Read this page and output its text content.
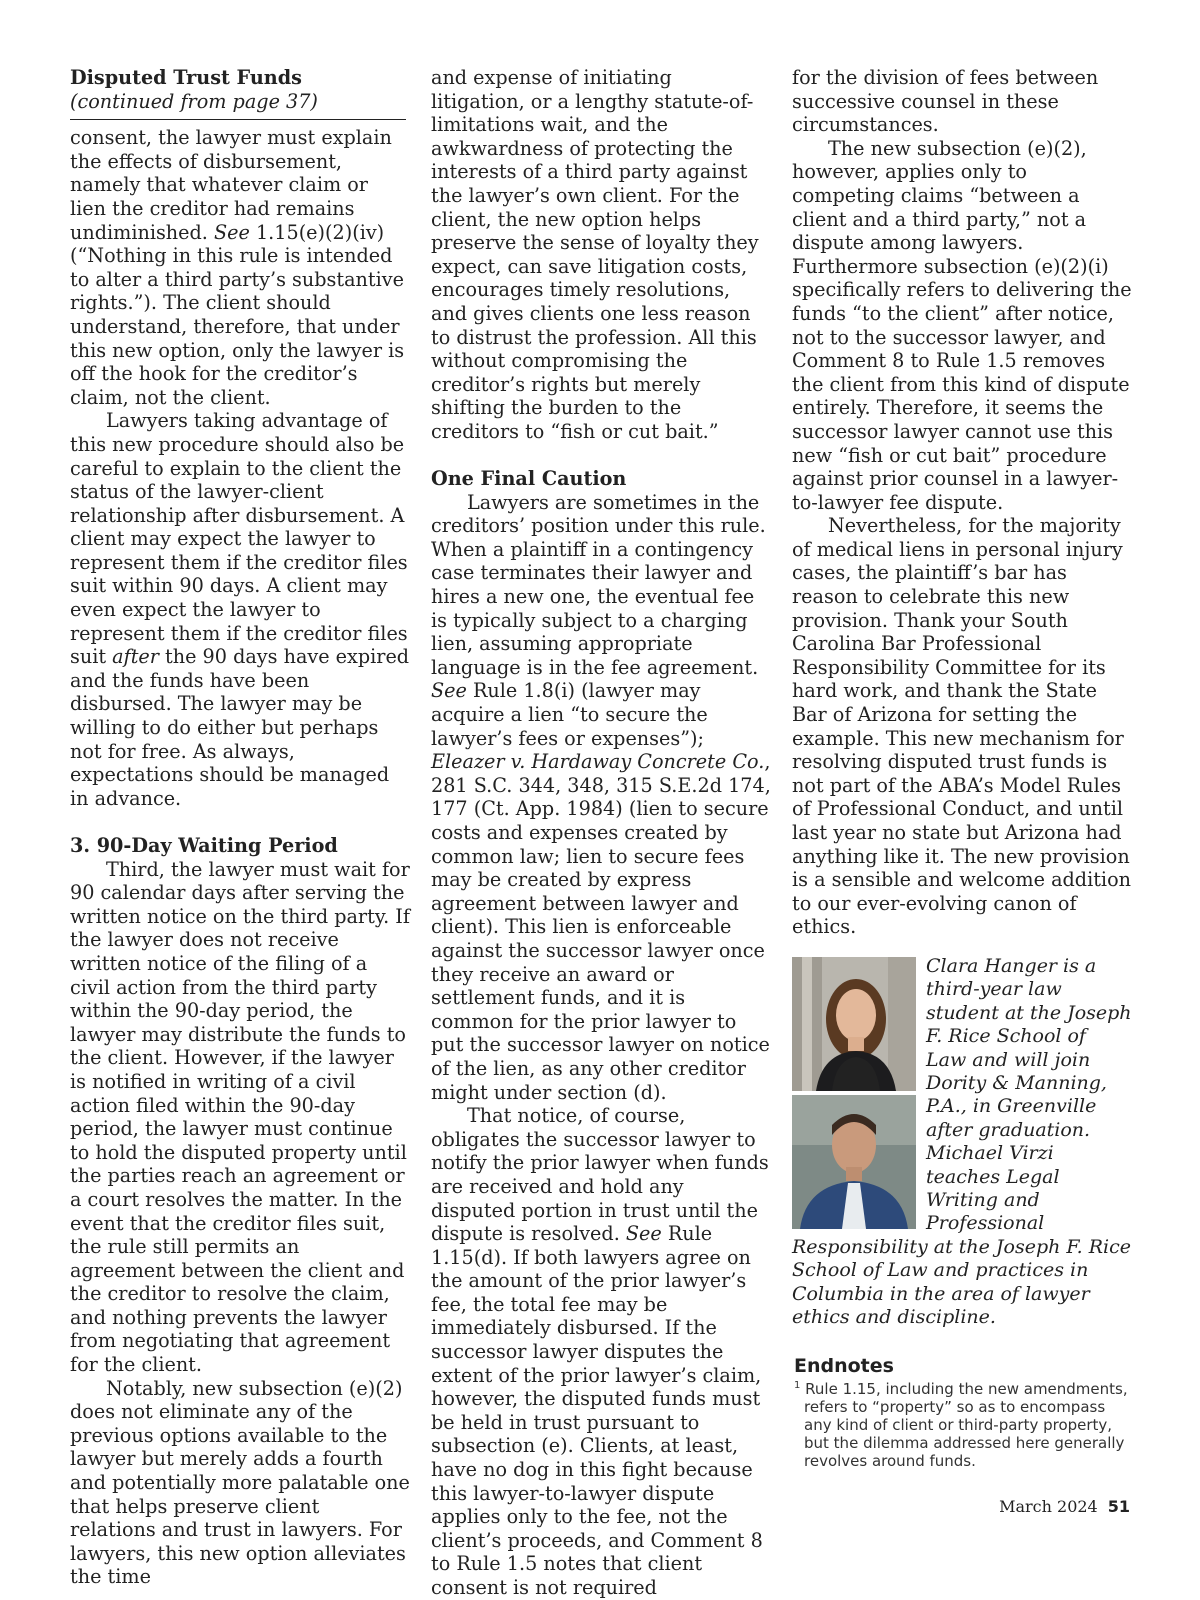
Disputed Trust Funds

(continued from page 37)

consent, the lawyer must explain the effects of disbursement, namely that whatever claim or lien the creditor had remains undiminished. See 1.15(e)(2)(iv) (“Nothing in this rule is intended to alter a third party’s substantive rights.”). The client should understand, therefore, that under this new option, only the lawyer is off the hook for the creditor’s claim, not the client.

Lawyers taking advantage of this new procedure should also be careful to explain to the client the status of the lawyer-client relationship after disbursement. A client may expect the lawyer to represent them if the creditor files suit within 90 days. A client may even expect the lawyer to represent them if the creditor files suit after the 90 days have expired and the funds have been disbursed. The lawyer may be willing to do either but perhaps not for free. As always, expectations should be managed in advance.

3. 90-Day Waiting Period

Third, the lawyer must wait for 90 calendar days after serving the written notice on the third party. If the lawyer does not receive written notice of the filing of a civil action from the third party within the 90-day period, the lawyer may distribute the funds to the client. However, if the lawyer is notified in writing of a civil action filed within the 90-day period, the lawyer must continue to hold the disputed property until the parties reach an agreement or a court resolves the matter. In the event that the creditor files suit, the rule still permits an agreement between the client and the creditor to resolve the claim, and nothing prevents the lawyer from negotiating that agreement for the client.

Notably, new subsection (e)(2) does not eliminate any of the previous options available to the lawyer but merely adds a fourth and potentially more palatable one that helps preserve client relations and trust in lawyers. For lawyers, this new option alleviates the time

and expense of initiating litigation, or a lengthy statute-of-limitations wait, and the awkwardness of protecting the interests of a third party against the lawyer’s own client. For the client, the new option helps preserve the sense of loyalty they expect, can save litigation costs, encourages timely resolutions, and gives clients one less reason to distrust the profession. All this without compromising the creditor’s rights but merely shifting the burden to the creditors to “fish or cut bait.”

One Final Caution

Lawyers are sometimes in the creditors’ position under this rule. When a plaintiff in a contingency case terminates their lawyer and hires a new one, the eventual fee is typically subject to a charging lien, assuming appropriate language is in the fee agreement. See Rule 1.8(i) (lawyer may acquire a lien “to secure the lawyer’s fees or expenses”); Eleazer v. Hardaway Concrete Co., 281 S.C. 344, 348, 315 S.E.2d 174, 177 (Ct. App. 1984) (lien to secure costs and expenses created by common law; lien to secure fees may be created by express agreement between lawyer and client). This lien is enforceable against the successor lawyer once they receive an award or settlement funds, and it is common for the prior lawyer to put the successor lawyer on notice of the lien, as any other creditor might under section (d).

That notice, of course, obligates the successor lawyer to notify the prior lawyer when funds are received and hold any disputed portion in trust until the dispute is resolved. See Rule 1.15(d). If both lawyers agree on the amount of the prior lawyer’s fee, the total fee may be immediately disbursed. If the successor lawyer disputes the extent of the prior lawyer’s claim, however, the disputed funds must be held in trust pursuant to subsection (e). Clients, at least, have no dog in this fight because this lawyer-to-lawyer dispute applies only to the fee, not the client’s proceeds, and Comment 8 to Rule 1.5 notes that client consent is not required

for the division of fees between successive counsel in these circumstances.

The new subsection (e)(2), however, applies only to competing claims “between a client and a third party,” not a dispute among lawyers. Furthermore subsection (e)(2)(i) specifically refers to delivering the funds “to the client” after notice, not to the successor lawyer, and Comment 8 to Rule 1.5 removes the client from this kind of dispute entirely. Therefore, it seems the successor lawyer cannot use this new “fish or cut bait” procedure against prior counsel in a lawyer-to-lawyer fee dispute.

Nevertheless, for the majority of medical liens in personal injury cases, the plaintiff’s bar has reason to celebrate this new provision. Thank your South Carolina Bar Professional Responsibility Committee for its hard work, and thank the State Bar of Arizona for setting the example. This new mechanism for resolving disputed trust funds is not part of the ABA’s Model Rules of Professional Conduct, and until last year no state but Arizona had anything like it. The new provision is a sensible and welcome addition to our ever-evolving canon of ethics.

Clara Hanger is a third-year law student at the Joseph F. Rice School of Law and will join Dority & Manning, P.A., in Greenville after graduation. Michael Virzi teaches Legal Writing and Professional Responsibility at the Joseph F. Rice School of Law and practices in Columbia in the area of lawyer ethics and discipline.

Endnotes

$^1$ Rule 1.15, including the new amendments, refers to “property” so as to encompass any kind of client or third-party property, but the dilemma addressed here generally revolves around funds.

March 2024 51
